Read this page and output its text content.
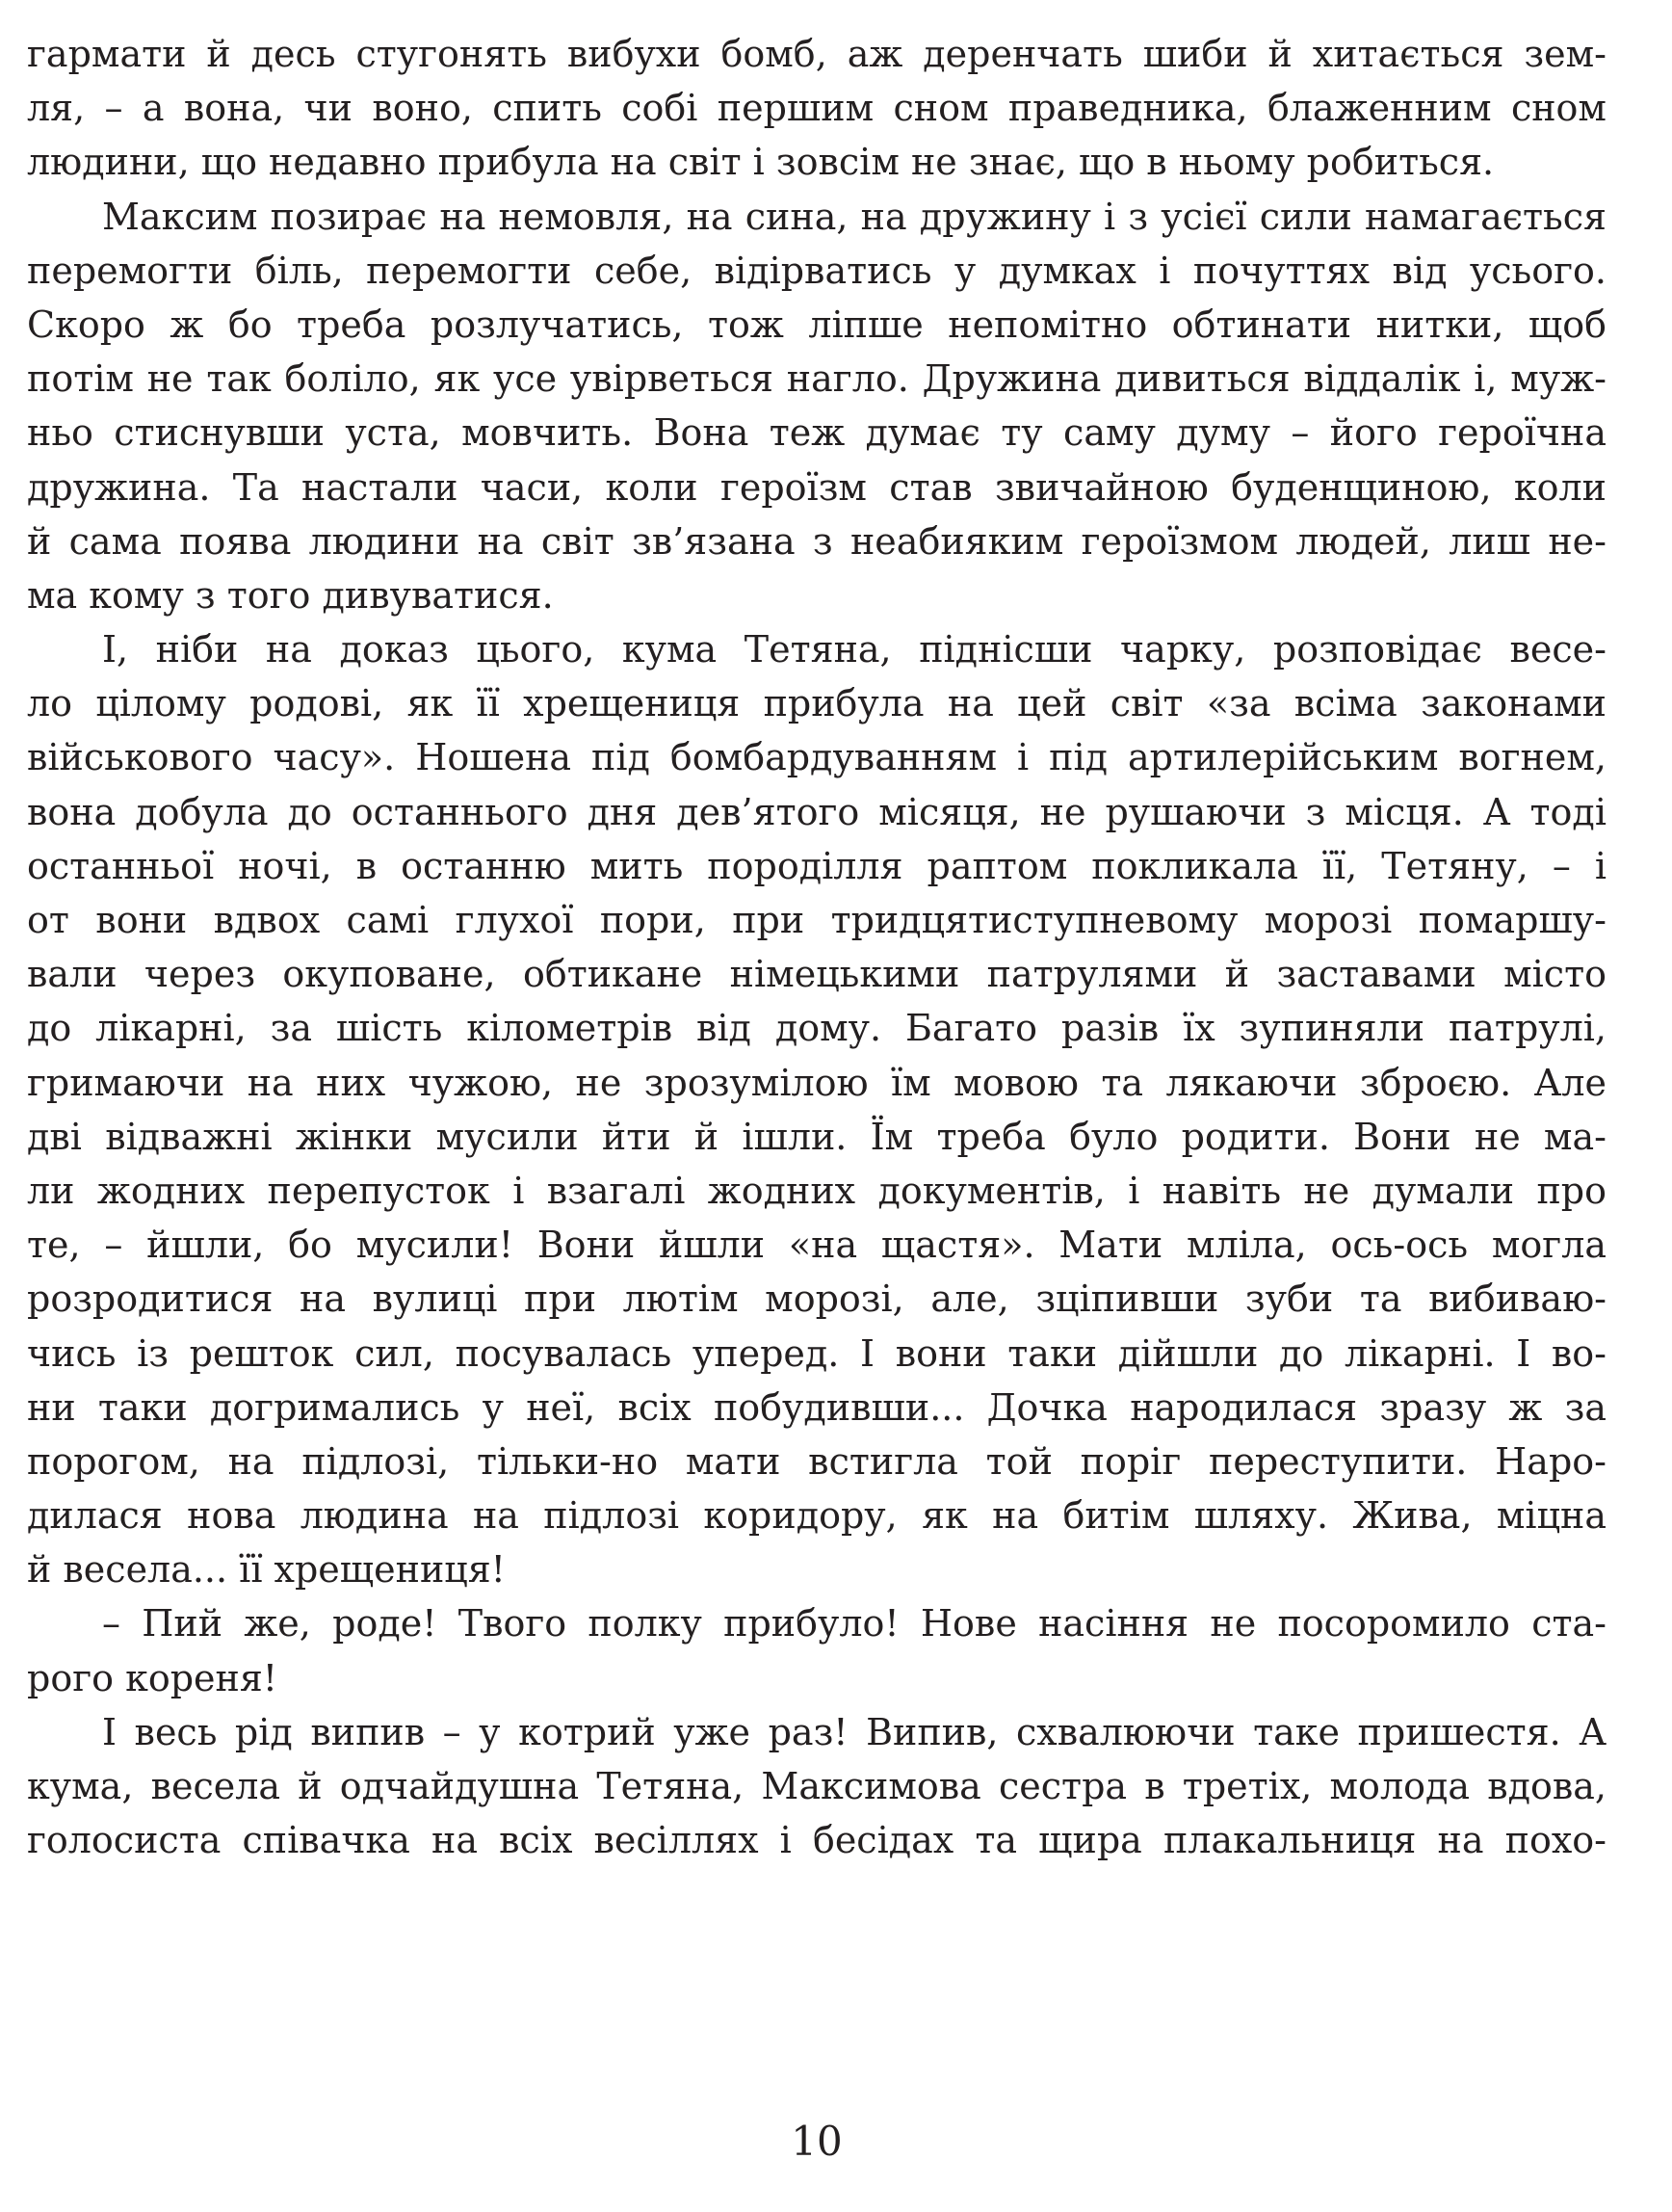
гармати й десь стугонять вибухи бомб, аж деренчать шиби й хитається зем-
ля, – а вона, чи воно, спить собі першим сном праведника, блаженним сном
людини, що недавно прибула на світ і зовсім не знає, що в ньому робиться.
Максим позирає на немовля, на сина, на дружину і з усієї сили намагається
перемогти біль, перемогти себе, відірватись у думках і почуттях від усього.
Скоро ж бо треба розлучатись, тож ліпше непомітно обтинати нитки, щоб
потім не так боліло, як усе увірветься нагло. Дружина дивиться віддалік і, муж-
ньо стиснувши уста, мовчить. Вона теж думає ту саму думу – його героїчна
дружина. Та настали часи, коли героїзм став звичайною буденщиною, коли
й сама поява людини на світ зв’язана з неабияким героїзмом людей, лиш не-
ма кому з того дивуватися.
І, ніби на доказ цього, кума Тетяна, піднісши чарку, розповідає весе-
ло цілому родові, як її хрещениця прибула на цей світ «за всіма законами
військового часу». Ношена під бомбардуванням і під артилерійським вогнем,
вона добула до останнього дня дев’ятого місяця, не рушаючи з місця. А тоді
останньої ночі, в останню мить породілля раптом покликала її, Тетяну, – і
от вони вдвох самі глухої пори, при тридцятиступневому морозі помаршу-
вали через окуповане, обтикане німецькими патрулями й заставами місто
до лікарні, за шість кілометрів від дому. Багато разів їх зупиняли патрулі,
гримаючи на них чужою, не зрозумілою їм мовою та лякаючи зброєю. Але
дві відважні жінки мусили йти й ішли. Їм треба було родити. Вони не ма-
ли жодних перепусток і взагалі жодних документів, і навіть не думали про
те, – йшли, бо мусили! Вони йшли «на щастя». Мати мліла, ось-ось могла
розродитися на вулиці при лютім морозі, але, зціпивши зуби та вибиваю-
чись із решток сил, посувалась уперед. І вони таки дійшли до лікарні. І во-
ни таки догримались у неї, всіх побудивши... Дочка народилася зразу ж за
порогом, на підлозі, тільки-но мати встигла той поріг переступити. Наро-
дилася нова людина на підлозі коридору, як на битім шляху. Жива, міцна
й весела... її хрещениця!
– Пий же, роде! Твого полку прибуло! Нове насіння не посоромило ста-
рого кореня!
І весь рід випив – у котрий уже раз! Випив, схвалюючи таке пришестя. А
кума, весела й одчайдушна Тетяна, Максимова сестра в третіх, молода вдова,
голосиста співачка на всіх весіллях і бесідах та щира плакальниця на похо-
10
